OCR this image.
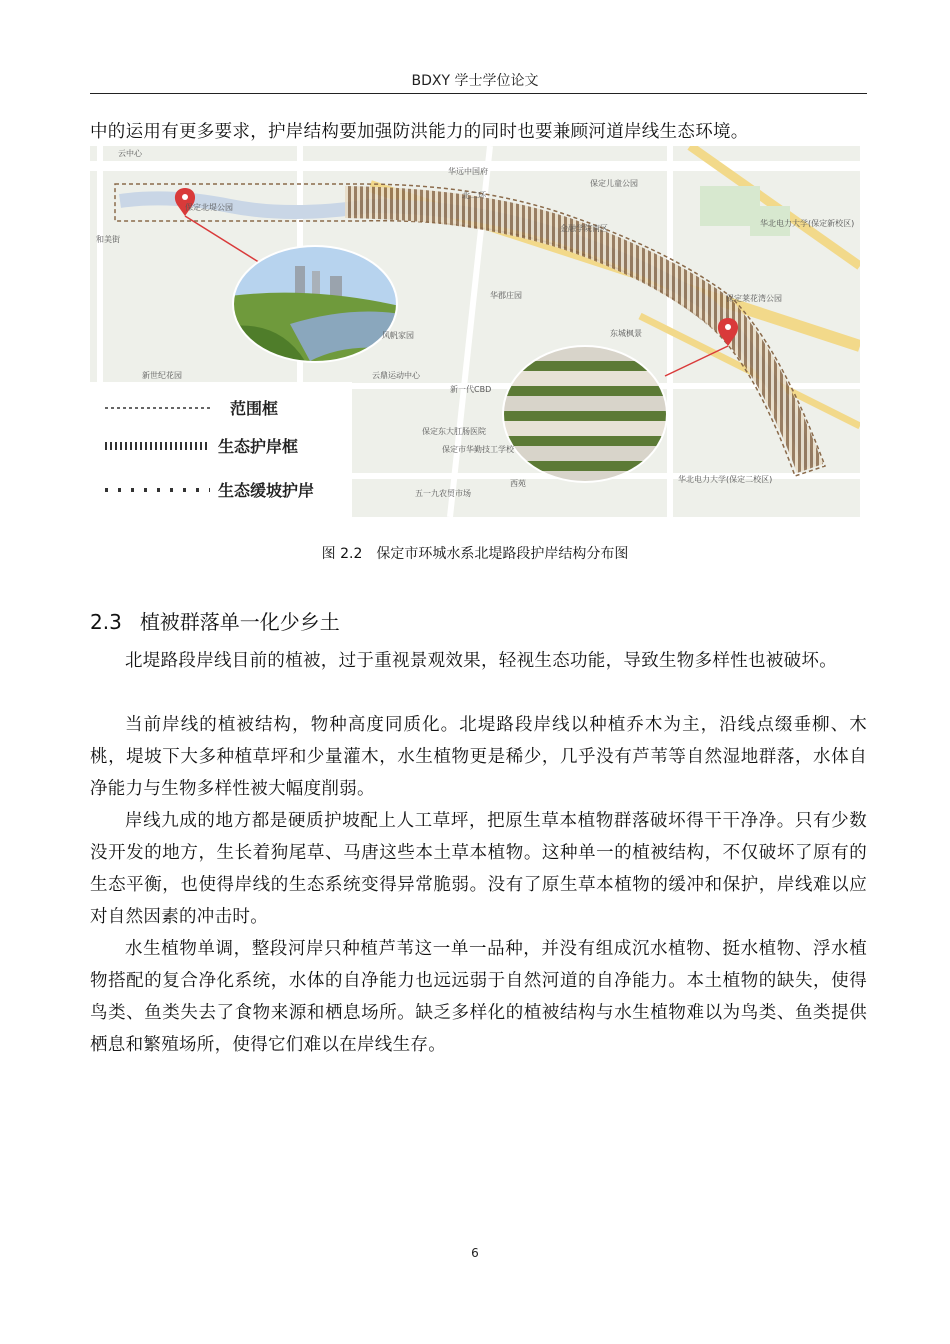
BDXY 学士学位论文

中的运用有更多要求，护岸结构要加强防洪能力的同时也要兼顾河道岸线生态环境。

云中心
华远中国府
保定儿童公园
北二环
华北电力大学(保定新校区)
金融学院南区
华郡庄园
风帆家园
云鼎运动中心
保定东大肛肠医院
保定市华勤技工学校
五一九农贸市场
西苑	华北电力大学(保定二校区)
保定莱花湾公园
东城枫景
保定北堤公园
新世纪花园
和美街
新一代CBD
范围框
生态护岸框
生态缓坡护岸
图 2.2　保定市环城水系北堤路段护岸结构分布图
2.3 植被群落单一化少乡土

北堤路段岸线目前的植被，过于重视景观效果，轻视生态功能，导致生物多样性也被破坏。

当前岸线的植被结构，物种高度同质化。北堤路段岸线以种植乔木为主，沿线点缀垂柳、木桃，堤坡下大多种植草坪和少量灌木，水生植物更是稀少，几乎没有芦苇等自然湿地群落，水体自净能力与生物多样性被大幅度削弱。

岸线九成的地方都是硬质护坡配上人工草坪，把原生草本植物群落破坏得干干净净。只有少数没开发的地方，生长着狗尾草、马唐这些本土草本植物。这种单一的植被结构，不仅破坏了原有的生态平衡，也使得岸线的生态系统变得异常脆弱。没有了原生草本植物的缓冲和保护，岸线难以应对自然因素的冲击时。

水生植物单调，整段河岸只种植芦苇这一单一品种，并没有组成沉水植物、挺水植物、浮水植物搭配的复合净化系统，水体的自净能力也远远弱于自然河道的自净能力。本土植物的缺失，使得鸟类、鱼类失去了食物来源和栖息场所。缺乏多样化的植被结构与水生植物难以为鸟类、鱼类提供栖息和繁殖场所，使得它们难以在岸线生存。

6
